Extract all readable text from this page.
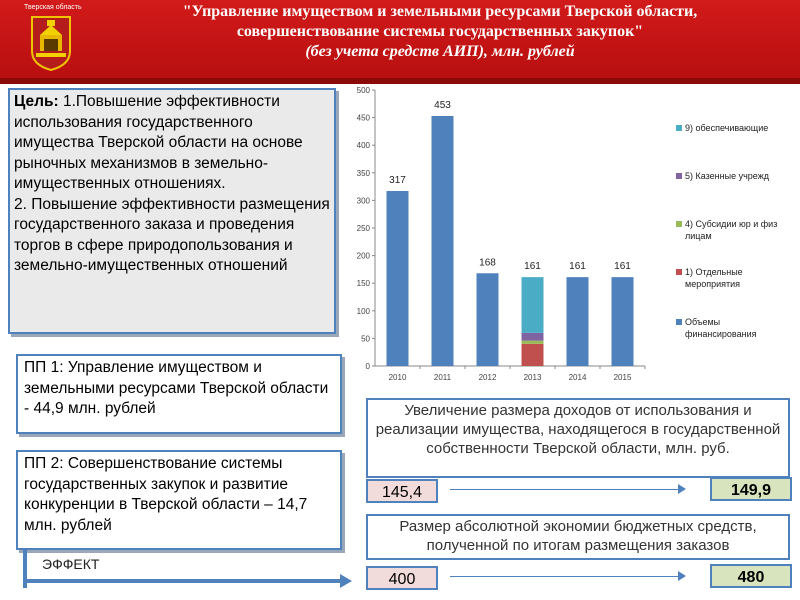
Тверская область	"Управление имуществом и земельными ресурсами Тверской области,
совершенствование системы государственных закупок"
(без учета средств АИП), млн. рублей
Цель: 1.Повышение эффективности использования государственного имущества Тверской области на основе рыночных механизмов в земельно-имущественных отношениях.
2. Повышение эффективности размещения государственного заказа и проведения торгов в сфере природопользования и земельно-имущественных отношений
ПП 1: Управление имуществом и земельными ресурсами Тверской области - 44,9 млн. рублей
ПП 2: Совершенствование системы государственных закупок и развитие конкуренции в Тверской области – 14,7 млн. рублей
ЭФФЕКТ
0
50
100
150
200
250
300
350
400
450
500
317
2010
453
2011
168
2012
161
2013
161
2014
161
2015
9) обеспечивающие
5) Казенные учрежд
4) Субсидии юр и физ лицам
1) Отдельные мероприятия
Объемы финансирования
Увеличение размера доходов от использования и реализации имущества, находящегося в государственной собственности Тверской области, млн. руб.
145,4	149,9
Размер абсолютной экономии бюджетных средств, полученной по итогам размещения заказов
400	480
